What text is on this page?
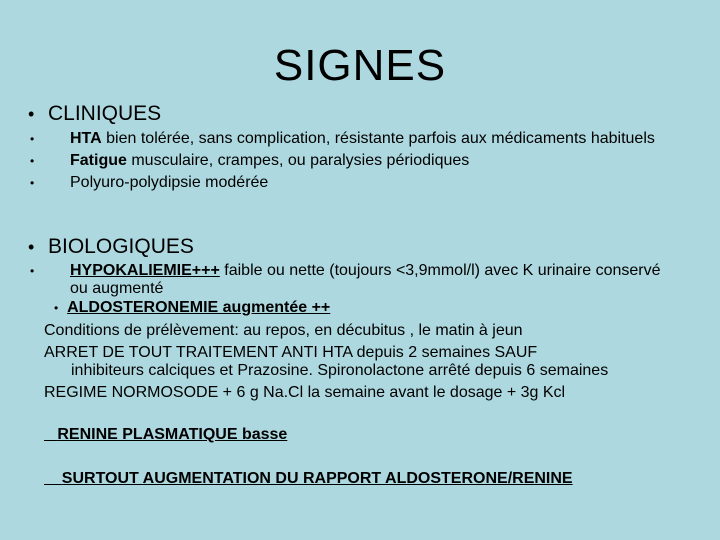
SIGNES
• CLINIQUES
• HTA bien tolérée, sans complication, résistante parfois aux médicaments habituels
• Fatigue musculaire, crampes, ou paralysies périodiques
• Polyuro-polydipsie modérée
• BIOLOGIQUES
• HYPOKALIEMIE+++ faible ou nette (toujours <3,9mmol/l) avec K urinaire conservé ou augmenté
• ALDOSTERONEMIE augmentée ++
Conditions de prélèvement: au repos, en décubitus , le matin à jeun
ARRET DE TOUT TRAITEMENT ANTI HTA depuis 2 semaines SAUF
inhibiteurs calciques et Prazosine. Spironolactone arrêté depuis 6 semaines
REGIME NORMOSODE + 6 g Na.Cl la semaine avant le dosage + 3g Kcl
RENINE PLASMATIQUE basse
SURTOUT AUGMENTATION DU RAPPORT ALDOSTERONE/RENINE
